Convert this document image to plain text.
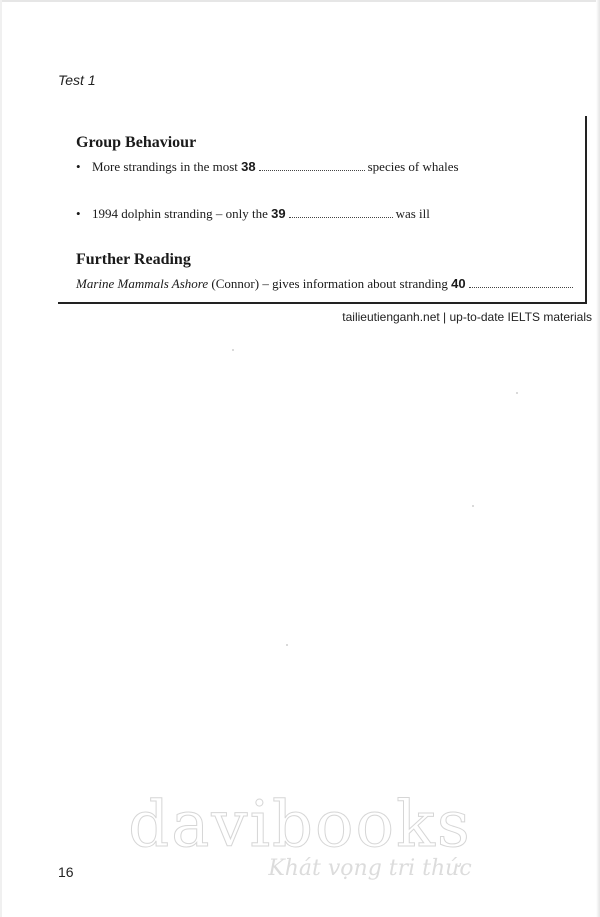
Test 1
Group Behaviour
• More strandings in the most 38	species of whales
• 1994 dolphin stranding – only the 39	was ill
Further Reading
Marine Mammals Ashore (Connor) – gives information about stranding 40
tailieutienganh.net | up-to-date IELTS materials
16
davibooks
Khát vọng tri thức
